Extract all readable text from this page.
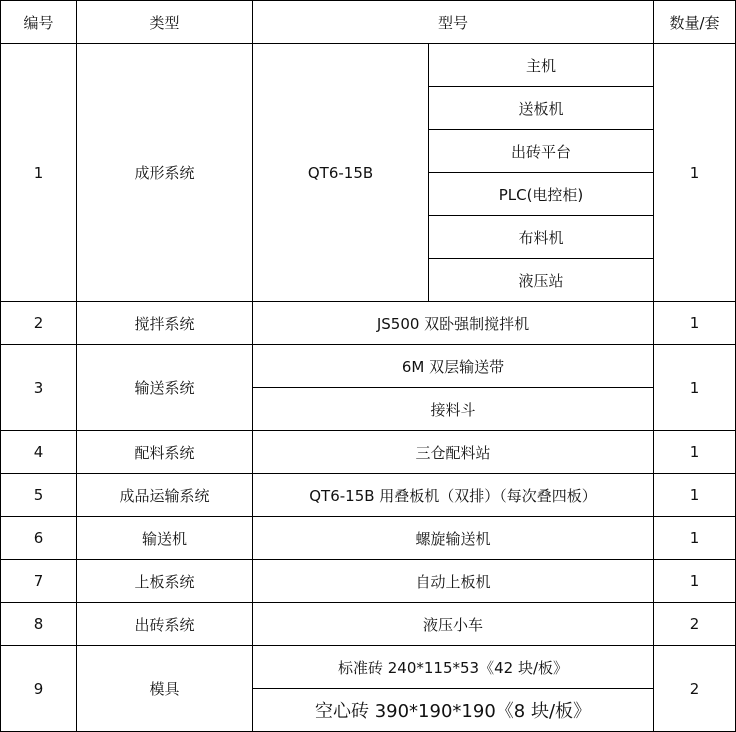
编号	类型	型号		数量/套
1	成形系统	QT6-15B	主机	1
			送板机	
			出砖平台	
			PLC(电控柜)	
			布料机	
			液压站	
2	搅拌系统	JS500 双卧强制搅拌机		1
3	输送系统	6M 双层输送带		1
		接料斗		
4	配料系统	三仓配料站		1
5	成品运输系统	QT6-15B 用叠板机（双排）（每次叠四板）		1
6	输送机	螺旋输送机		1
7	上板系统	自动上板机		1
8	出砖系统	液压小车		2
9	模具	标准砖 240*115*53《42 块/板》		2
		空心砖 390*190*190《8 块/板》		
